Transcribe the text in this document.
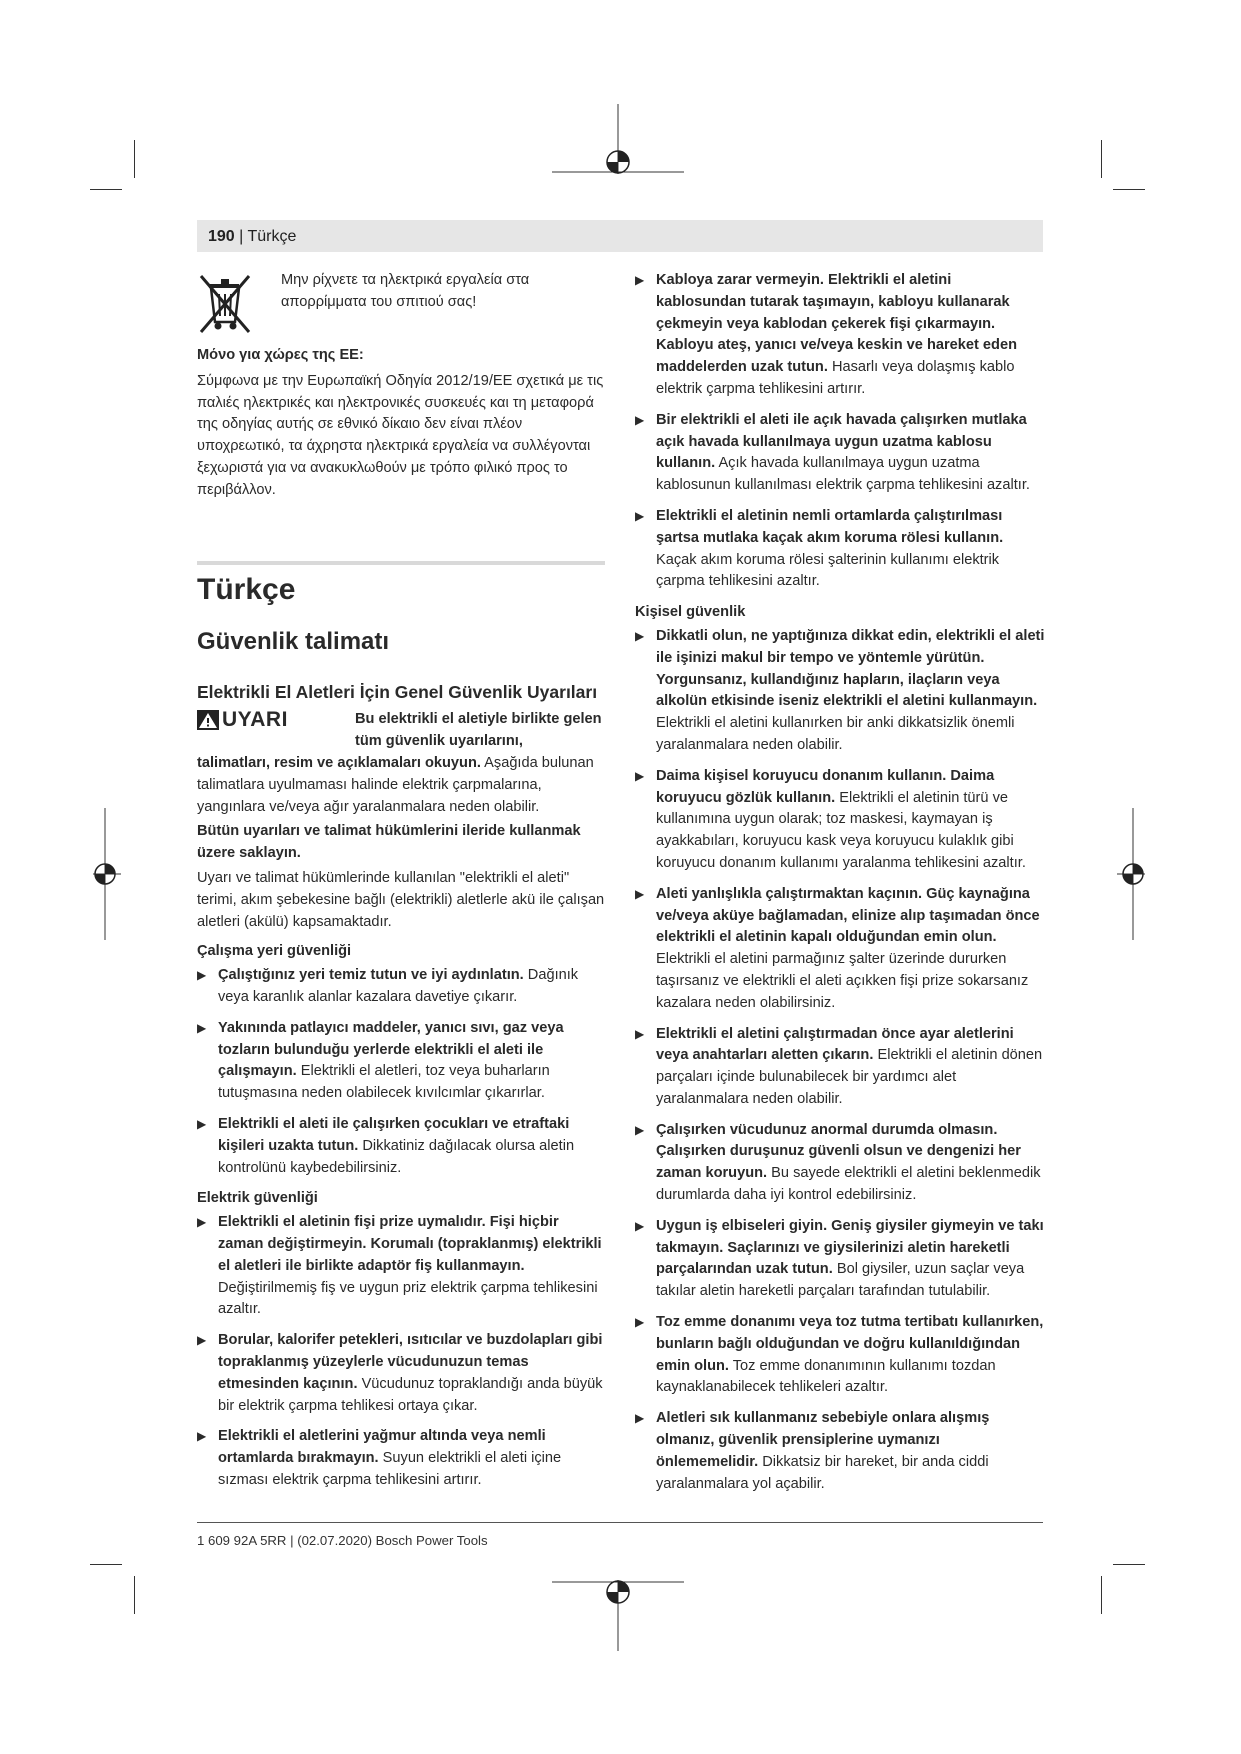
190 | Türkçe
Μην ρίχνετε τα ηλεκτρικά εργαλεία στα απορρίμματα του σπιτιού σας!

Μόνο για χώρες της ΕΕ:

Σύμφωνα με την Ευρωπαϊκή Οδηγία 2012/19/ΕΕ σχετικά με τις παλιές ηλεκτρικές και ηλεκτρονικές συσκευές και τη μεταφορά της οδηγίας αυτής σε εθνικό δίκαιο δεν είναι πλέον υποχρεωτικό, τα άχρηστα ηλεκτρικά εργαλεία να συλλέγονται ξεχωριστά για να ανακυκλωθούν με τρόπο φιλικό προς το περιβάλλον.

Türkçe
Güvenlik talimatı
Elektrikli El Aletleri İçin Genel Güvenlik Uyarıları
UYARI	Bu elektrikli el aletiyle birlikte gelen tüm güvenlik uyarılarını,

talimatları, resim ve açıklamaları okuyun. Aşağıda bulunan talimatlara uyulmaması halinde elektrik çarpmalarına, yangınlara ve/veya ağır yaralanmalara neden olabilir.

Bütün uyarıları ve talimat hükümlerini ileride kullanmak üzere saklayın.

Uyarı ve talimat hükümlerinde kullanılan "elektrikli el aleti" terimi, akım şebekesine bağlı (elektrikli) aletlerle akü ile çalışan aletleri (akülü) kapsamaktadır.

Çalışma yeri güvenliği

▶ Çalıştığınız yeri temiz tutun ve iyi aydınlatın. Dağınık veya karanlık alanlar kazalara davetiye çıkarır.
▶ Yakınında patlayıcı maddeler, yanıcı sıvı, gaz veya tozların bulunduğu yerlerde elektrikli el aleti ile çalışmayın. Elektrikli el aletleri, toz veya buharların tutuşmasına neden olabilecek kıvılcımlar çıkarırlar.
▶ Elektrikli el aleti ile çalışırken çocukları ve etraftaki kişileri uzakta tutun. Dikkatiniz dağılacak olursa aletin kontrolünü kaybedebilirsiniz.

Elektrik güvenliği

▶ Elektrikli el aletinin fişi prize uymalıdır. Fişi hiçbir zaman değiştirmeyin. Korumalı (topraklanmış) elektrikli el aletleri ile birlikte adaptör fiş kullanmayın. Değiştirilmemiş fiş ve uygun priz elektrik çarpma tehlikesini azaltır.
▶ Borular, kalorifer petekleri, ısıtıcılar ve buzdolapları gibi topraklanmış yüzeylerle vücudunuzun temas etmesinden kaçının. Vücudunuz topraklandığı anda büyük bir elektrik çarpma tehlikesi ortaya çıkar.
▶ Elektrikli el aletlerini yağmur altında veya nemli ortamlarda bırakmayın. Suyun elektrikli el aleti içine sızması elektrik çarpma tehlikesini artırır.
▶ Kabloya zarar vermeyin. Elektrikli el aletini kablosundan tutarak taşımayın, kabloyu kullanarak çekmeyin veya kablodan çekerek fişi çıkarmayın. Kabloyu ateş, yanıcı ve/veya keskin ve hareket eden maddelerden uzak tutun. Hasarlı veya dolaşmış kablo elektrik çarpma tehlikesini artırır.
▶ Bir elektrikli el aleti ile açık havada çalışırken mutlaka açık havada kullanılmaya uygun uzatma kablosu kullanın. Açık havada kullanılmaya uygun uzatma kablosunun kullanılması elektrik çarpma tehlikesini azaltır.
▶ Elektrikli el aletinin nemli ortamlarda çalıştırılması şartsa mutlaka kaçak akım koruma rölesi kullanın. Kaçak akım koruma rölesi şalterinin kullanımı elektrik çarpma tehlikesini azaltır.

Kişisel güvenlik

▶ Dikkatli olun, ne yaptığınıza dikkat edin, elektrikli el aleti ile işinizi makul bir tempo ve yöntemle yürütün. Yorgunsanız, kullandığınız hapların, ilaçların veya alkolün etkisinde iseniz elektrikli el aletini kullanmayın. Elektrikli el aletini kullanırken bir anki dikkatsizlik önemli yaralanmalara neden olabilir.
▶ Daima kişisel koruyucu donanım kullanın. Daima koruyucu gözlük kullanın. Elektrikli el aletinin türü ve kullanımına uygun olarak; toz maskesi, kaymayan iş ayakkabıları, koruyucu kask veya koruyucu kulaklık gibi koruyucu donanım kullanımı yaralanma tehlikesini azaltır.
▶ Aleti yanlışlıkla çalıştırmaktan kaçının. Güç kaynağına ve/veya aküye bağlamadan, elinize alıp taşımadan önce elektrikli el aletinin kapalı olduğundan emin olun. Elektrikli el aletini parmağınız şalter üzerinde dururken taşırsanız ve elektrikli el aleti açıkken fişi prize sokarsanız kazalara neden olabilirsiniz.
▶ Elektrikli el aletini çalıştırmadan önce ayar aletlerini veya anahtarları aletten çıkarın. Elektrikli el aletinin dönen parçaları içinde bulunabilecek bir yardımcı alet yaralanmalara neden olabilir.
▶ Çalışırken vücudunuz anormal durumda olmasın. Çalışırken duruşunuz güvenli olsun ve dengenizi her zaman koruyun. Bu sayede elektrikli el aletini beklenmedik durumlarda daha iyi kontrol edebilirsiniz.
▶ Uygun iş elbiseleri giyin. Geniş giysiler giymeyin ve takı takmayın. Saçlarınızı ve giysilerinizi aletin hareketli parçalarından uzak tutun. Bol giysiler, uzun saçlar veya takılar aletin hareketli parçaları tarafından tutulabilir.
▶ Toz emme donanımı veya toz tutma tertibatı kullanırken, bunların bağlı olduğundan ve doğru kullanıldığından emin olun. Toz emme donanımının kullanımı tozdan kaynaklanabilecek tehlikeleri azaltır.
▶ Aletleri sık kullanmanız sebebiyle onlara alışmış olmanız, güvenlik prensiplerine uymanızı önlememelidir. Dikkatsiz bir hareket, bir anda ciddi yaralanmalara yol açabilir.
1 609 92A 5RR | (02.07.2020) Bosch Power Tools
